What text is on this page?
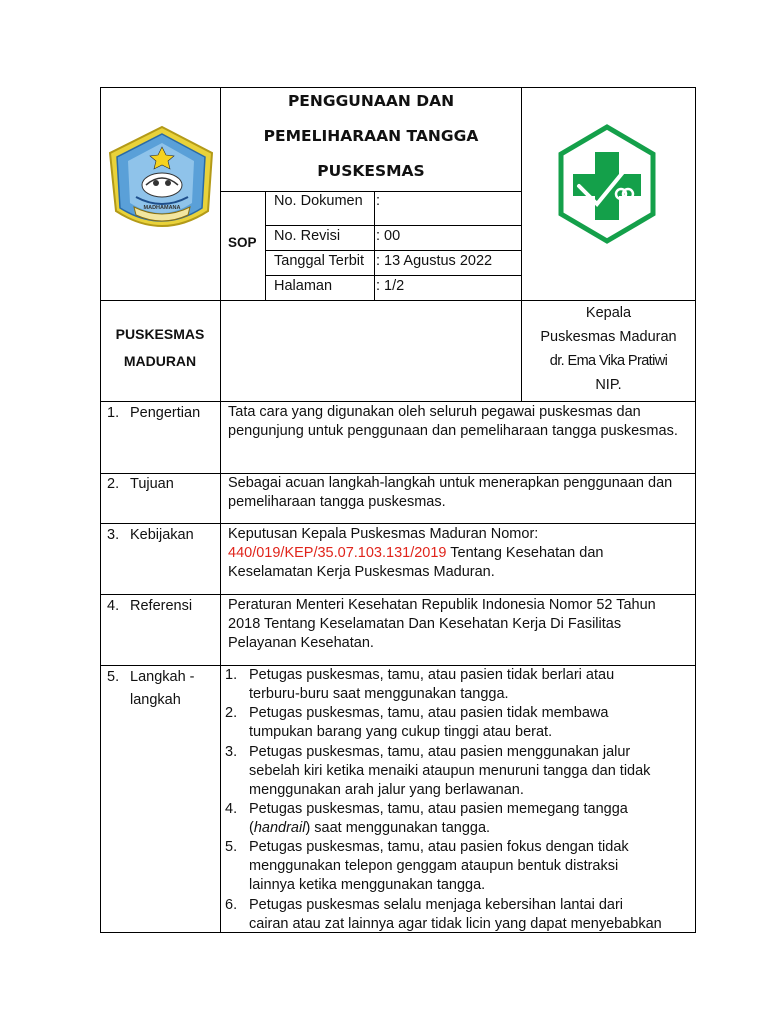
MADHAMANA
PENGGUNAAN DAN
PEMELIHARAAN TANGGA
PUSKESMAS
SOP
No. Dokumen :
No. Revisi : 00
Tanggal Terbit : 13 Agustus 2022
Halaman	: 1/2
PUSKESMAS
MADURAN
Kepala
Puskesmas Maduran
dr. Ema Vika Pratiwi
NIP.
1. Pengertian
2. Tujuan
3. Kebijakan
4. Referensi
5. Langkah -
langkah
Tata cara yang digunakan oleh seluruh pegawai puskesmas dan pengunjung untuk penggunaan dan pemeliharaan tangga puskesmas.
Sebagai acuan langkah-langkah untuk menerapkan penggunaan dan pemeliharaan tangga puskesmas.
Keputusan Kepala Puskesmas Maduran Nomor:
440/019/KEP/35.07.103.131/2019 Tentang Kesehatan dan Keselamatan Kerja Puskesmas Maduran.
Peraturan Menteri Kesehatan Republik Indonesia Nomor 52 Tahun 2018 Tentang Keselamatan Dan Kesehatan Kerja Di Fasilitas Pelayanan Kesehatan.
1. Petugas puskesmas, tamu, atau pasien tidak berlari atau
terburu-buru saat menggunakan tangga.
2. Petugas puskesmas, tamu, atau pasien tidak membawa
tumpukan barang yang cukup tinggi atau berat.
3. Petugas puskesmas, tamu, atau pasien menggunakan jalur
sebelah kiri ketika menaiki ataupun menuruni tangga dan tidak
menggunakan arah jalur yang berlawanan.
4. Petugas puskesmas, tamu, atau pasien memegang tangga
(handrail) saat menggunakan tangga.
5. Petugas puskesmas, tamu, atau pasien fokus dengan tidak
menggunakan telepon genggam ataupun bentuk distraksi
lainnya ketika menggunakan tangga.
6. Petugas puskesmas selalu menjaga kebersihan lantai dari
cairan atau zat lainnya agar tidak licin yang dapat menyebabkan
